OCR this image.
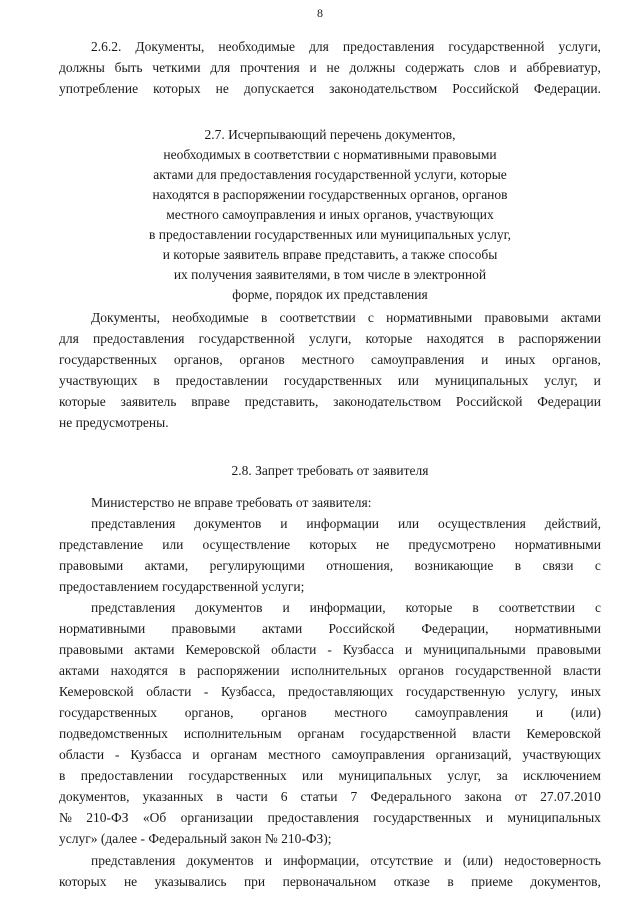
8
2.6.2. Документы, необходимые для предоставления государственной услуги,
должны быть четкими для прочтения и не должны содержать слов и аббревиатур,
употребление которых не допускается законодательством Российской Федерации.
2.7. Исчерпывающий перечень документов,
необходимых в соответствии с нормативными правовыми
актами для предоставления государственной услуги, которые
находятся в распоряжении государственных органов, органов
местного самоуправления и иных органов, участвующих
в предоставлении государственных или муниципальных услуг,
и которые заявитель вправе представить, а также способы
их получения заявителями, в том числе в электронной
форме, порядок их представления
Документы, необходимые в соответствии с нормативными правовыми актами
для предоставления государственной услуги, которые находятся в распоряжении
государственных органов, органов местного самоуправления и иных органов,
участвующих в предоставлении государственных или муниципальных услуг, и
которые заявитель вправе представить, законодательством Российской Федерации
не предусмотрены.
2.8. Запрет требовать от заявителя
Министерство не вправе требовать от заявителя:
представления документов и информации или осуществления действий,
представление или осуществление которых не предусмотрено нормативными
правовыми актами, регулирующими отношения, возникающие в связи с
предоставлением государственной услуги;
представления документов и информации, которые в соответствии с
нормативными правовыми актами Российской Федерации, нормативными
правовыми актами Кемеровской области - Кузбасса и муниципальными правовыми
актами находятся в распоряжении исполнительных органов государственной власти
Кемеровской области - Кузбасса, предоставляющих государственную услугу, иных
государственных органов, органов местного самоуправления и (или)
подведомственных исполнительным органам государственной власти Кемеровской
области - Кузбасса и органам местного самоуправления организаций, участвующих
в предоставлении государственных или муниципальных услуг, за исключением
документов, указанных в части 6 статьи 7 Федерального закона от 27.07.2010
№ 210-ФЗ «Об организации предоставления государственных и муниципальных
услуг» (далее - Федеральный закон № 210-ФЗ);
представления документов и информации, отсутствие и (или) недостоверность
которых не указывались при первоначальном отказе в приеме документов,
